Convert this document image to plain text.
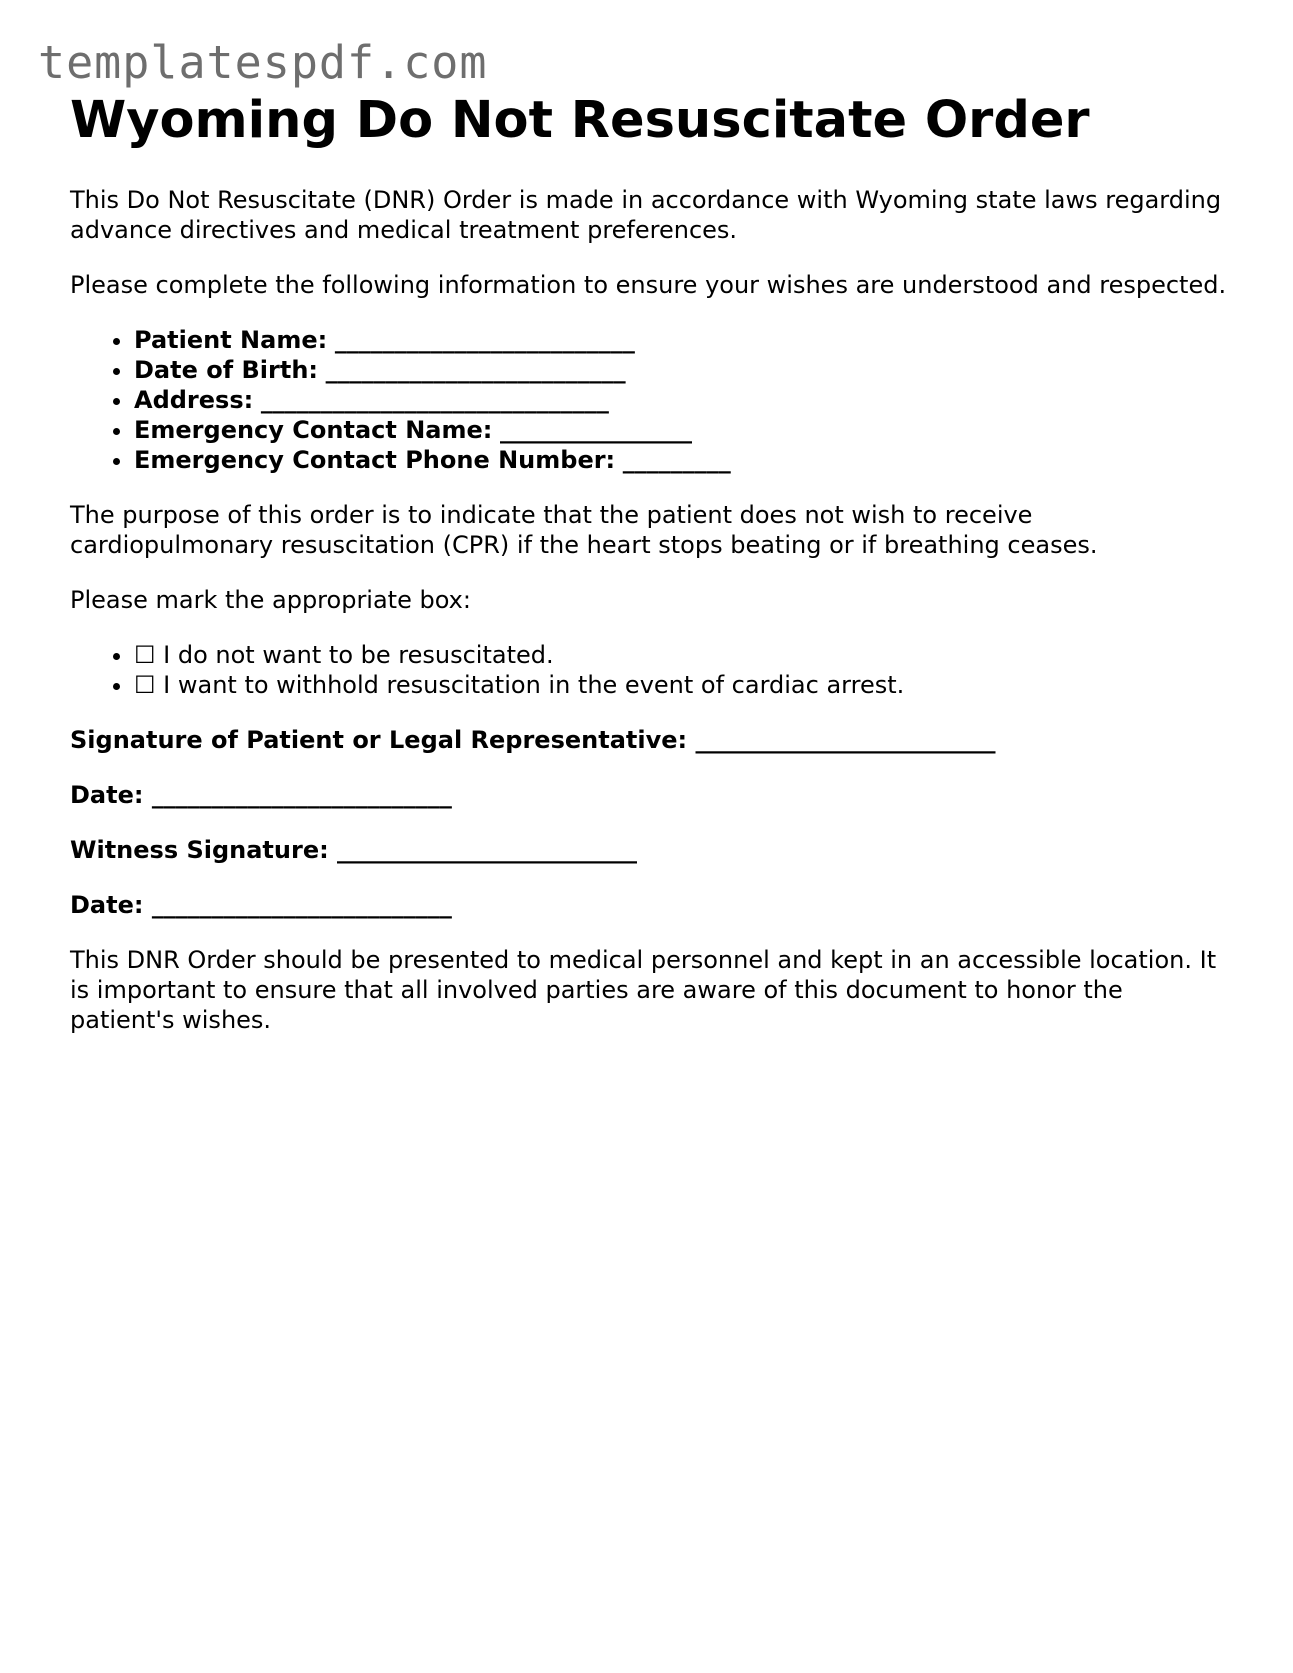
templatespdf.com
Wyoming Do Not Resuscitate Order

This Do Not Resuscitate (DNR) Order is made in accordance with Wyoming state laws regarding advance directives and medical treatment preferences.

Please complete the following information to ensure your wishes are understood and respected.

• Patient Name: _________________________
• Date of Birth: _________________________
• Address: _____________________________
• Emergency Contact Name: ________________
• Emergency Contact Phone Number: _________

The purpose of this order is to indicate that the patient does not wish to receive cardiopulmonary resuscitation (CPR) if the heart stops beating or if breathing ceases.

Please mark the appropriate box:

• ☐ I do not want to be resuscitated.
• ☐ I want to withhold resuscitation in the event of cardiac arrest.

Signature of Patient or Legal Representative: _________________________

Date: _________________________

Witness Signature: _________________________

Date: _________________________

This DNR Order should be presented to medical personnel and kept in an accessible location. It is important to ensure that all involved parties are aware of this document to honor the patient's wishes.
